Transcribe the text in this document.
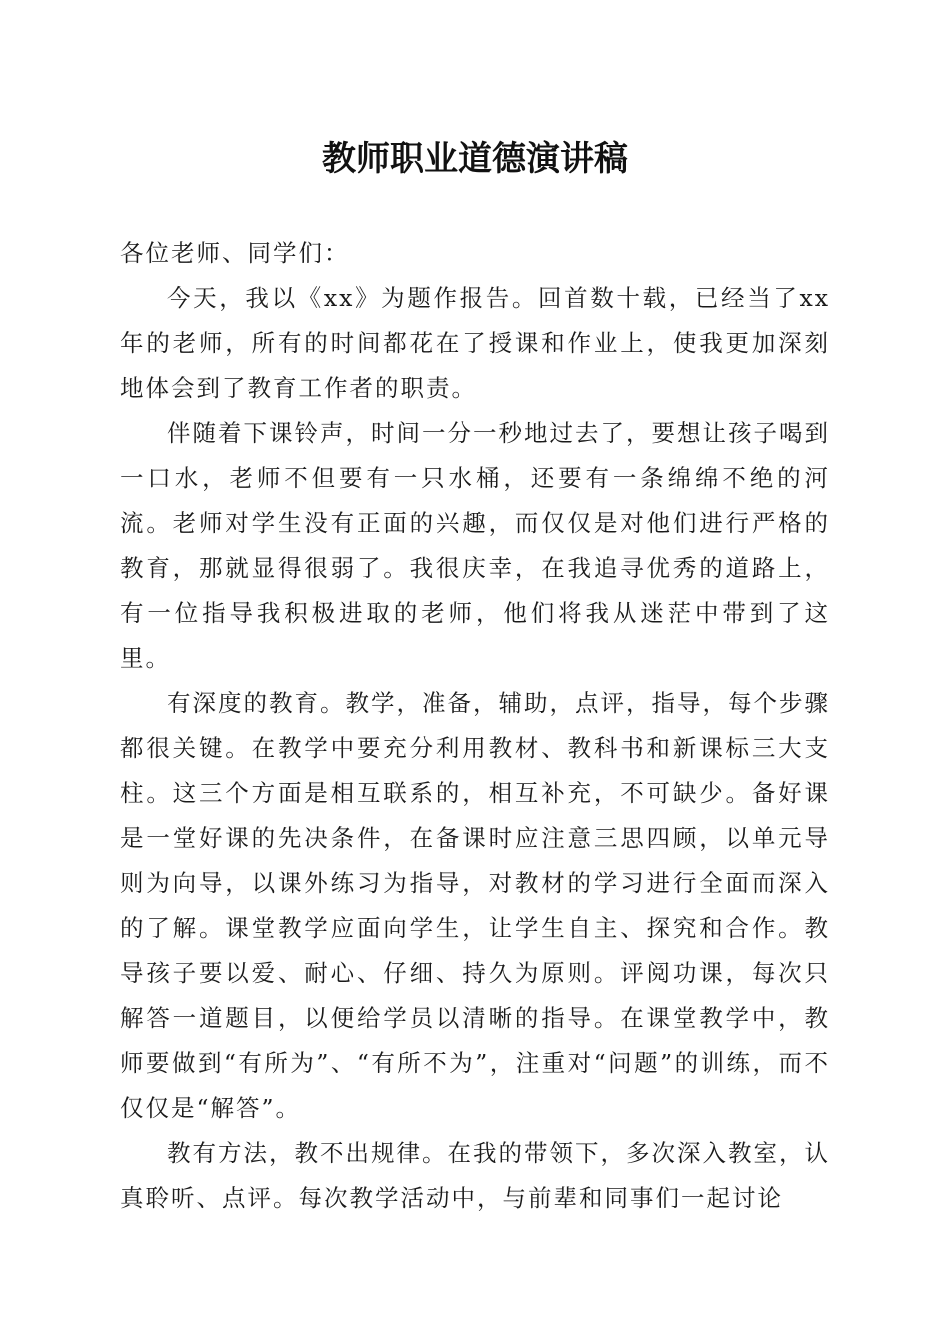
教师职业道德演讲稿

各位老师、同学们：

今天，我以《xx》为题作报告。回首数十载，已经当了xx年的老师，所有的时间都花在了授课和作业上，使我更加深刻地体会到了教育工作者的职责。

伴随着下课铃声，时间一分一秒地过去了，要想让孩子喝到一口水，老师不但要有一只水桶，还要有一条绵绵不绝的河流。老师对学生没有正面的兴趣，而仅仅是对他们进行严格的教育，那就显得很弱了。我很庆幸，在我追寻优秀的道路上，有一位指导我积极进取的老师，他们将我从迷茫中带到了这里。

有深度的教育。教学，准备，辅助，点评，指导，每个步骤都很关键。在教学中要充分利用教材、教科书和新课标三大支柱。这三个方面是相互联系的，相互补充，不可缺少。备好课是一堂好课的先决条件，在备课时应注意三思四顾，以单元导则为向导，以课外练习为指导，对教材的学习进行全面而深入的了解。课堂教学应面向学生，让学生自主、探究和合作。教导孩子要以爱、耐心、仔细、持久为原则。评阅功课，每次只解答一道题目，以便给学员以清晰的指导。在课堂教学中，教师要做到“有所为”、“有所不为”，注重对“问题”的训练，而不仅仅是“解答”。

教有方法，教不出规律。在我的带领下，多次深入教室，认真聆听、点评。每次教学活动中，与前辈和同事们一起讨论
